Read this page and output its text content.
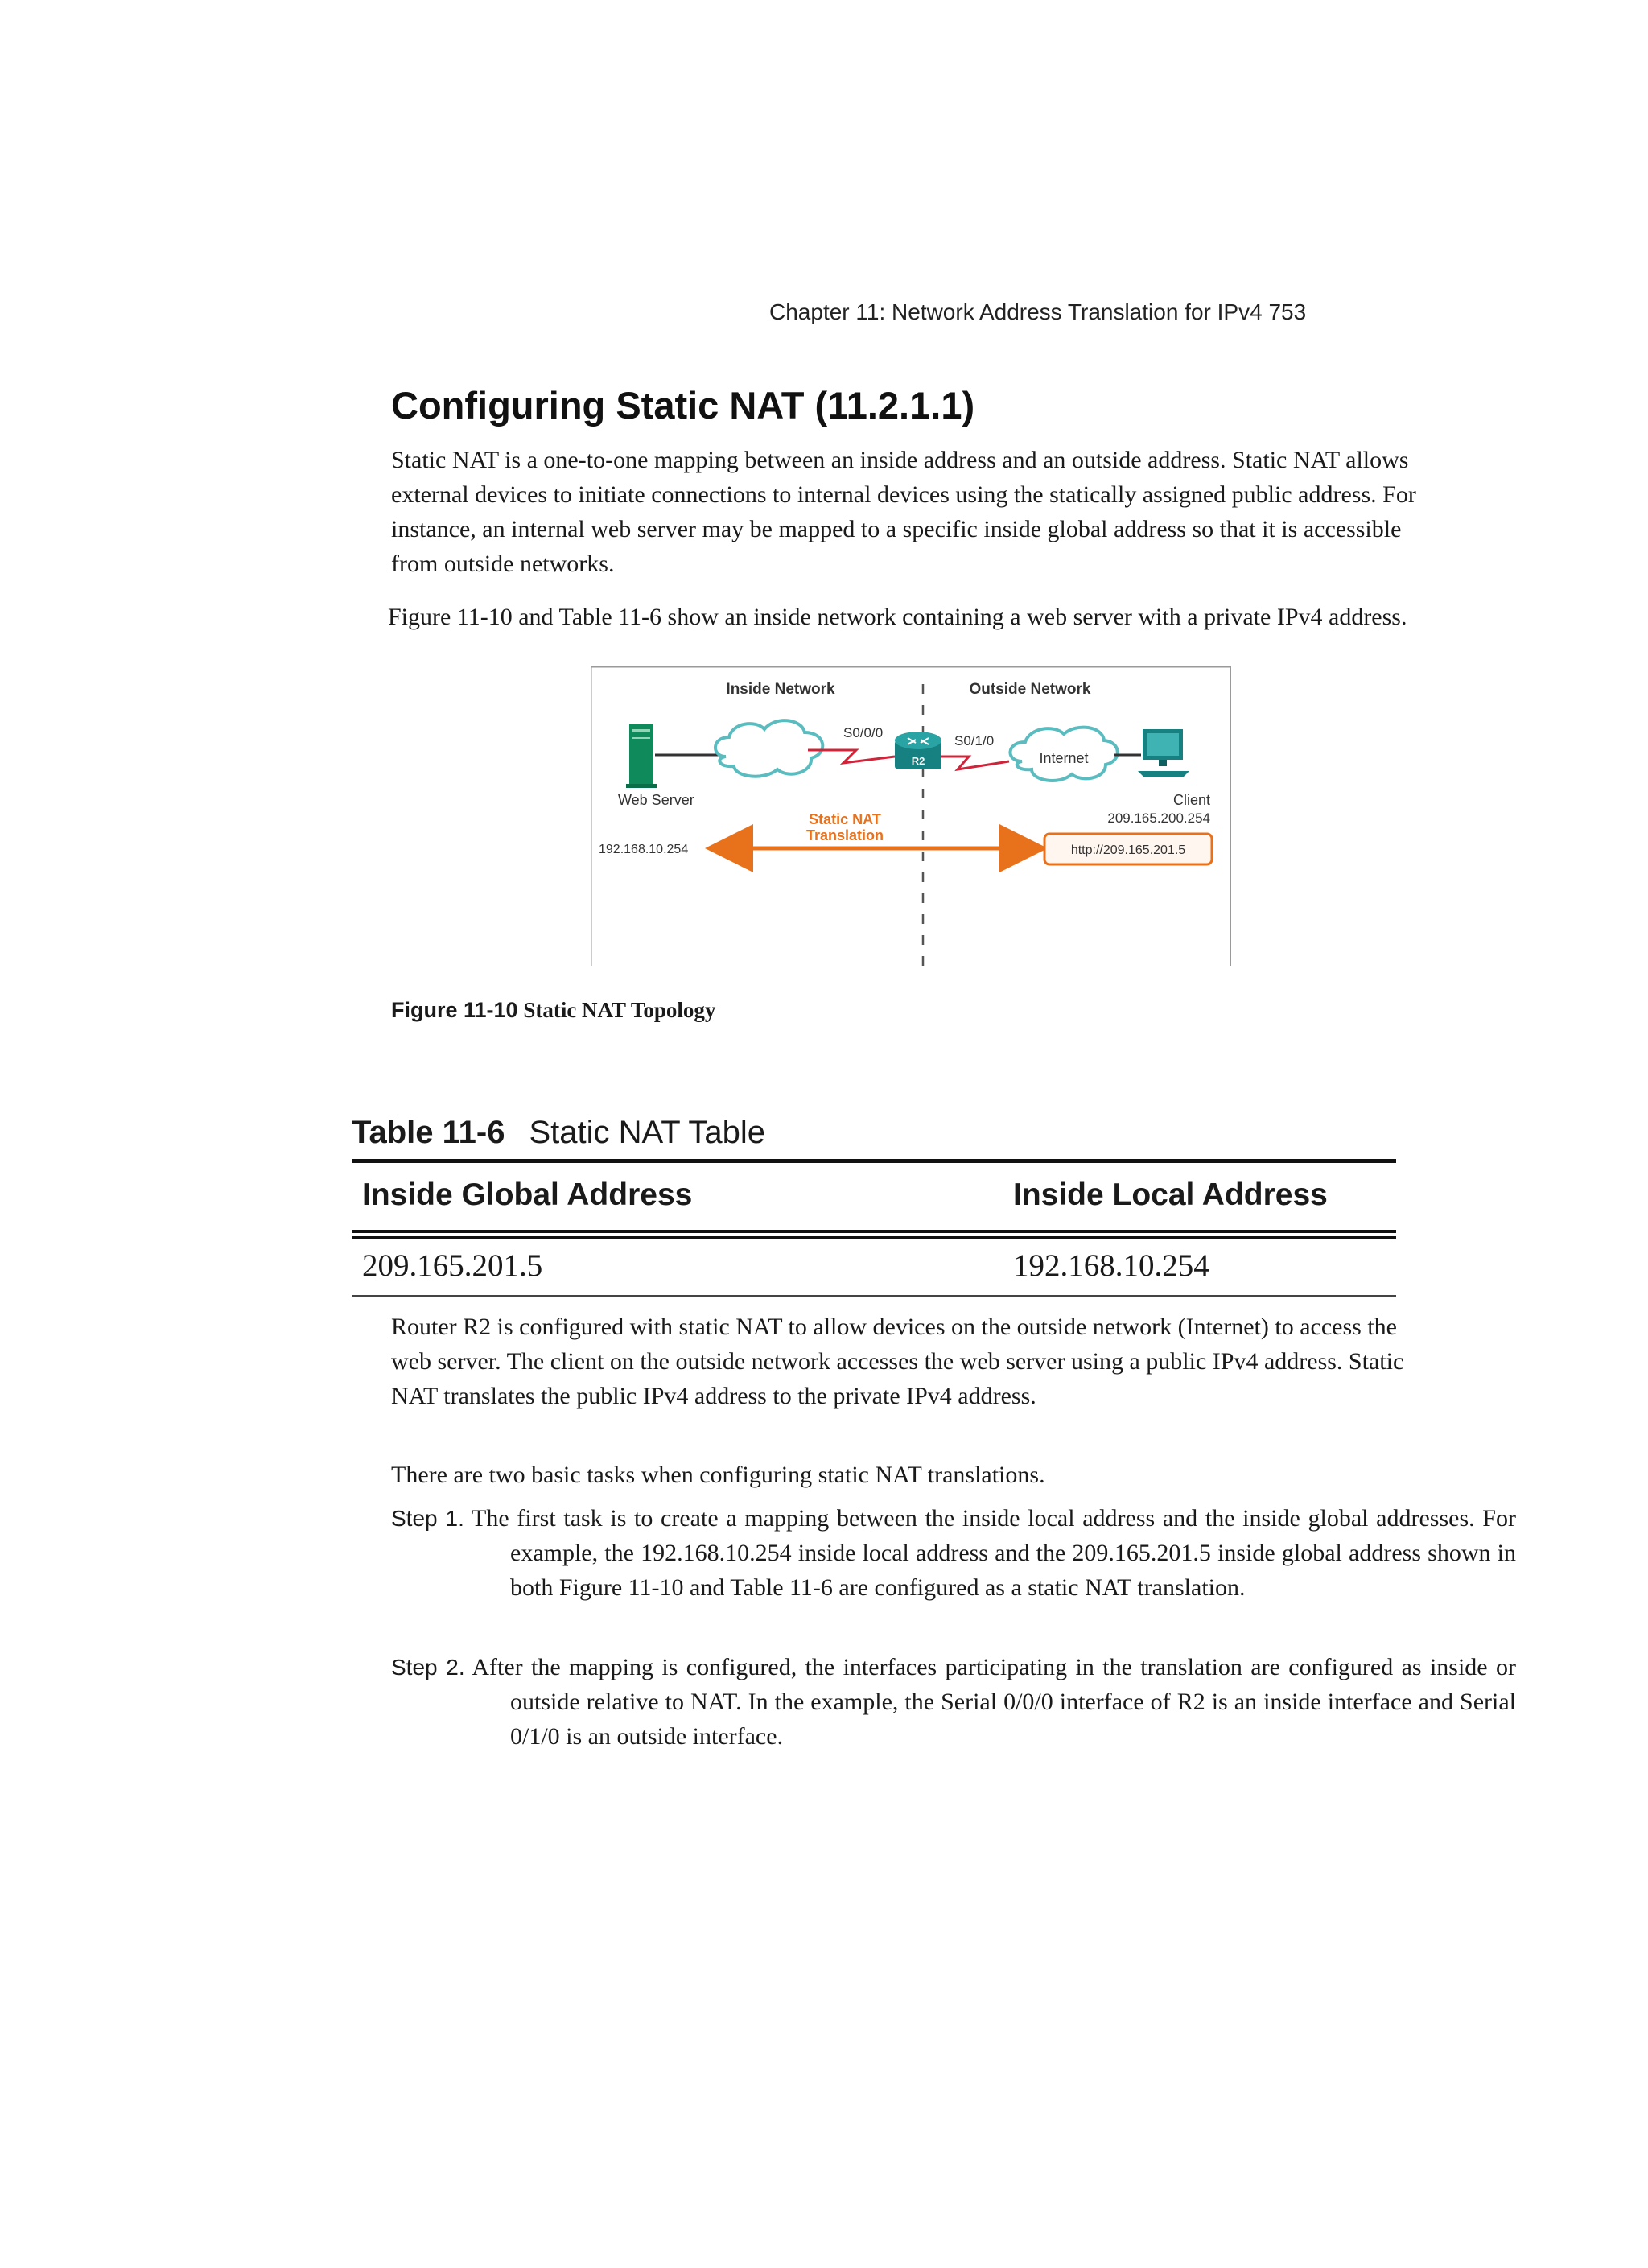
Chapter 11: Network Address Translation for IPv4 753
Configuring Static NAT (11.2.1.1)

Static NAT is a one-to-one mapping between an inside address and an outside address. Static NAT allows external devices to initiate connections to internal devices using the statically assigned public address. For instance, an internal web server may be mapped to a specific inside global address so that it is accessible from outside networks.

Figure 11-10 and Table 11-6 show an inside network containing a web server with a private IPv4 address.

Inside Network	Outside Network
Web Server
S0/0/0
R2
S0/1/0
Internet
Client
209.165.200.254
Static NAT
Translation
192.168.10.254	http://209.165.201.5
Figure 11-10 Static NAT Topology
Table 11-6 Static NAT Table
Inside Global Address	Inside Local Address
209.165.201.5	192.168.10.254

Router R2 is configured with static NAT to allow devices on the outside network (Internet) to access the web server. The client on the outside network accesses the web server using a public IPv4 address. Static NAT translates the public IPv4 address to the private IPv4 address.

There are two basic tasks when configuring static NAT translations.

Step 1. The first task is to create a mapping between the inside local address and the inside global addresses. For example, the 192.168.10.254 inside local address and the 209.165.201.5 inside global address shown in both Figure 11-10 and Table 11-6 are configured as a static NAT translation.

Step 2. After the mapping is configured, the interfaces participating in the translation are configured as inside or outside relative to NAT. In the example, the Serial 0/0/0 interface of R2 is an inside interface and Serial 0/1/0 is an outside interface.
